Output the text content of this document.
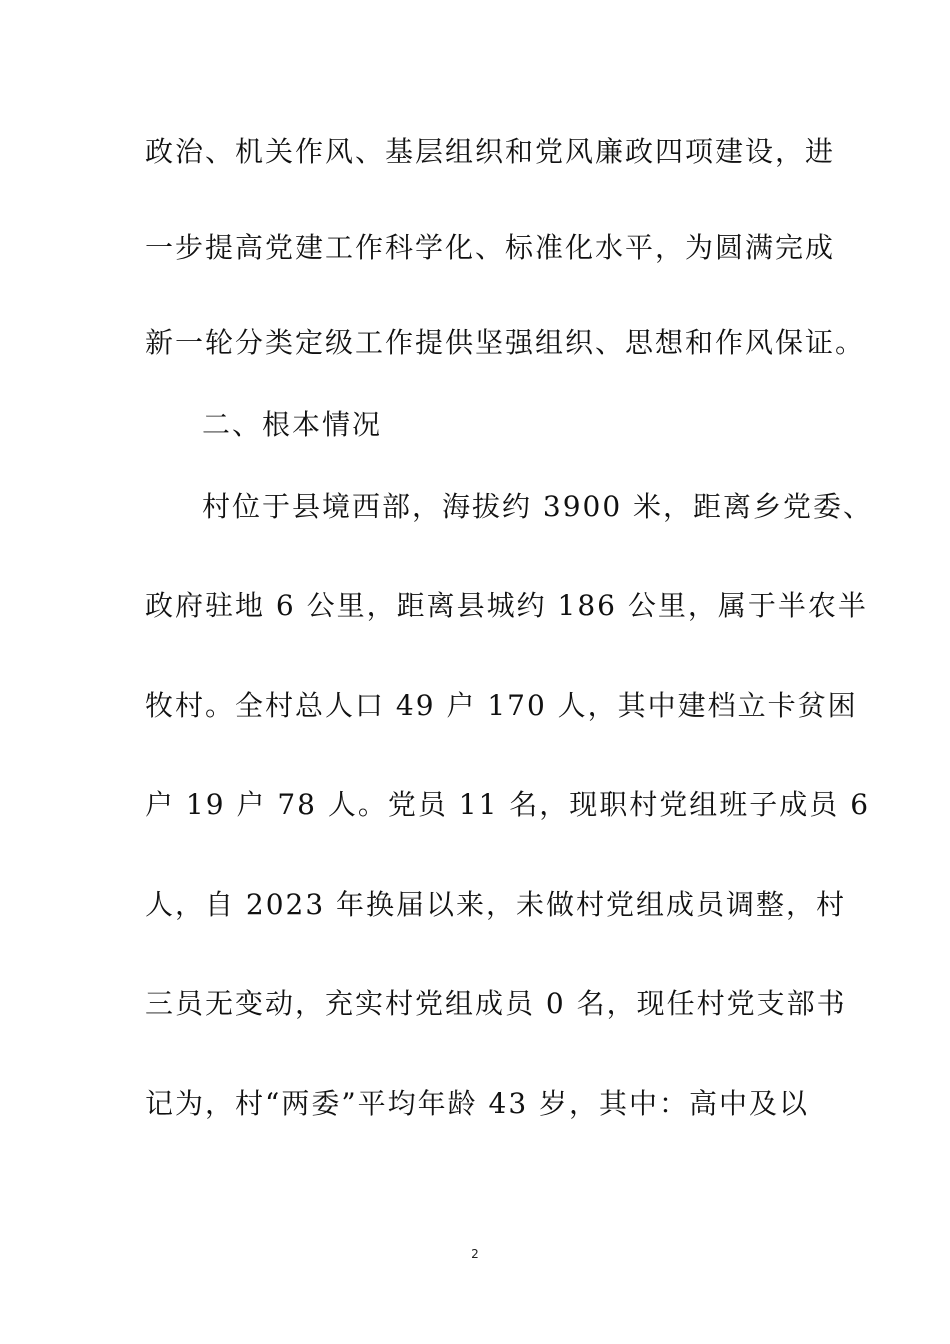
政治、机关作风、基层组织和党风廉政四项建设，进
一步提高党建工作科学化、标准化水平，为圆满完成
新一轮分类定级工作提供坚强组织、思想和作风保证。
二、根本情况
村位于县境西部，海拔约 3900 米，距离乡党委、
政府驻地 6 公里，距离县城约 186 公里，属于半农半
牧村。全村总人口 49 户 170 人，其中建档立卡贫困
户 19 户 78 人。党员 11 名，现职村党组班子成员 6
人，自 2023 年换届以来，未做村党组成员调整，村
三员无变动，充实村党组成员 0 名，现任村党支部书
记为，村“两委”平均年龄 43 岁，其中：高中及以
2
